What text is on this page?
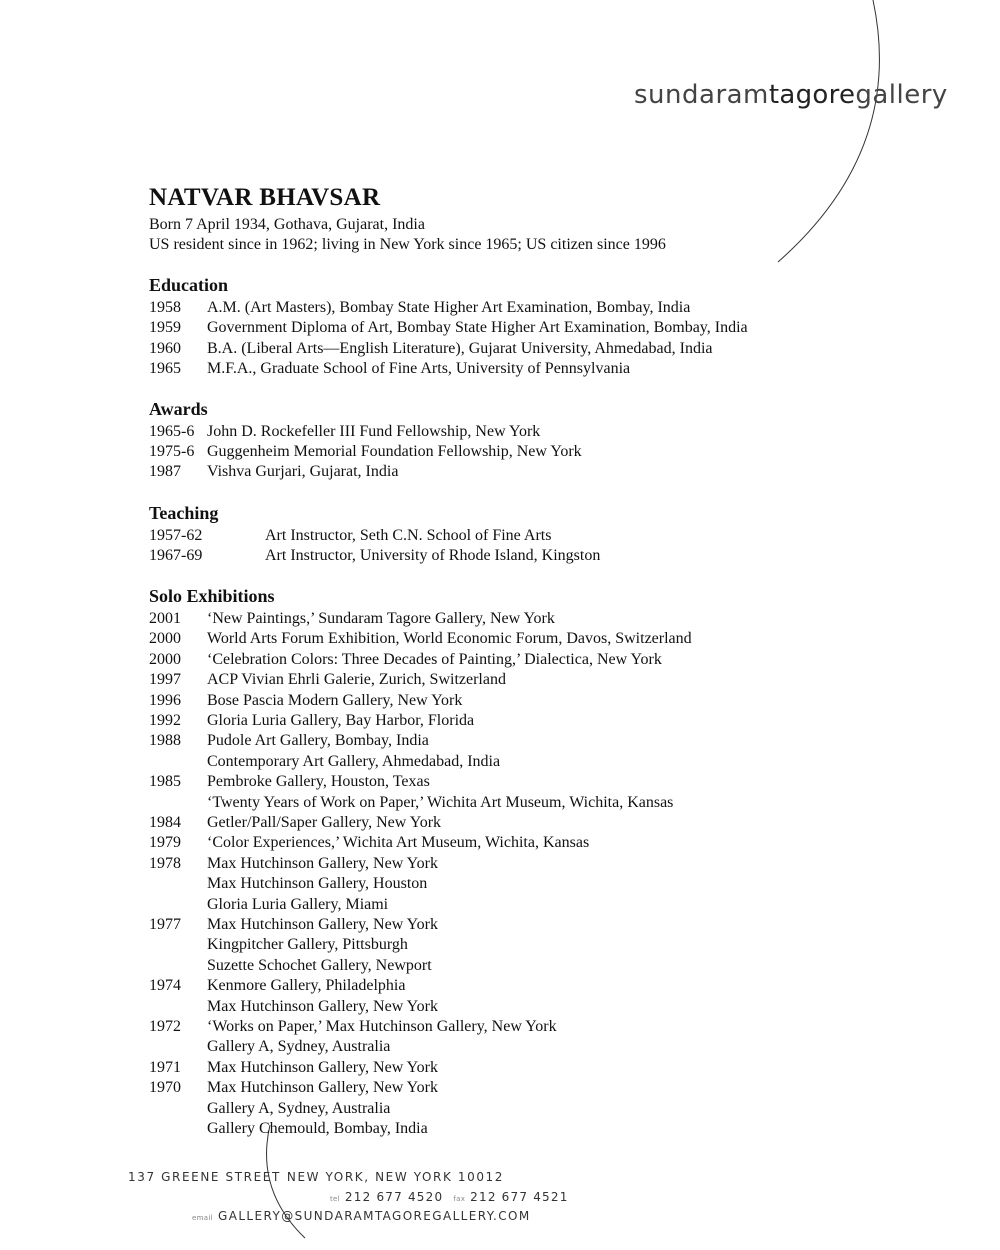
sundaramtagoregallery
NATVAR BHAVSAR
Born 7 April 1934, Gothava, Gujarat, India
US resident since in 1962; living in New York since 1965; US citizen since 1996
Education
1958 A.M. (Art Masters), Bombay State Higher Art Examination, Bombay, India
1959 Government Diploma of Art, Bombay State Higher Art Examination, Bombay, India
1960 B.A. (Liberal Arts—English Literature), Gujarat University, Ahmedabad, India
1965 M.F.A., Graduate School of Fine Arts, University of Pennsylvania
Awards
1965-6 John D. Rockefeller III Fund Fellowship, New York
1975-6 Guggenheim Memorial Foundation Fellowship, New York
1987 Vishva Gurjari, Gujarat, India
Teaching
1957-62	Art Instructor, Seth C.N. School of Fine Arts
1967-69	Art Instructor, University of Rhode Island, Kingston
Solo Exhibitions
2001 ‘New Paintings,’ Sundaram Tagore Gallery, New York
2000 World Arts Forum Exhibition, World Economic Forum, Davos, Switzerland
2000 ‘Celebration Colors: Three Decades of Painting,’ Dialectica, New York
1997 ACP Vivian Ehrli Galerie, Zurich, Switzerland
1996 Bose Pascia Modern Gallery, New York
1992 Gloria Luria Gallery, Bay Harbor, Florida
1988 Pudole Art Gallery, Bombay, India
Contemporary Art Gallery, Ahmedabad, India
1985 Pembroke Gallery, Houston, Texas
‘Twenty Years of Work on Paper,’ Wichita Art Museum, Wichita, Kansas
1984 Getler/Pall/Saper Gallery, New York
1979 ‘Color Experiences,’ Wichita Art Museum, Wichita, Kansas
1978 Max Hutchinson Gallery, New York
Max Hutchinson Gallery, Houston
Gloria Luria Gallery, Miami
1977 Max Hutchinson Gallery, New York
Kingpitcher Gallery, Pittsburgh
Suzette Schochet Gallery, Newport
1974 Kenmore Gallery, Philadelphia
Max Hutchinson Gallery, New York
1972 ‘Works on Paper,’ Max Hutchinson Gallery, New York
Gallery A, Sydney, Australia
1971 Max Hutchinson Gallery, New York
1970 Max Hutchinson Gallery, New York
Gallery A, Sydney, Australia
Gallery Chemould, Bombay, India
137 GREENE STREET NEW YORK, NEW YORK 10012
tel 212 677 4520 fax 212 677 4521
email GALLERY@SUNDARAMTAGOREGALLERY.COM
